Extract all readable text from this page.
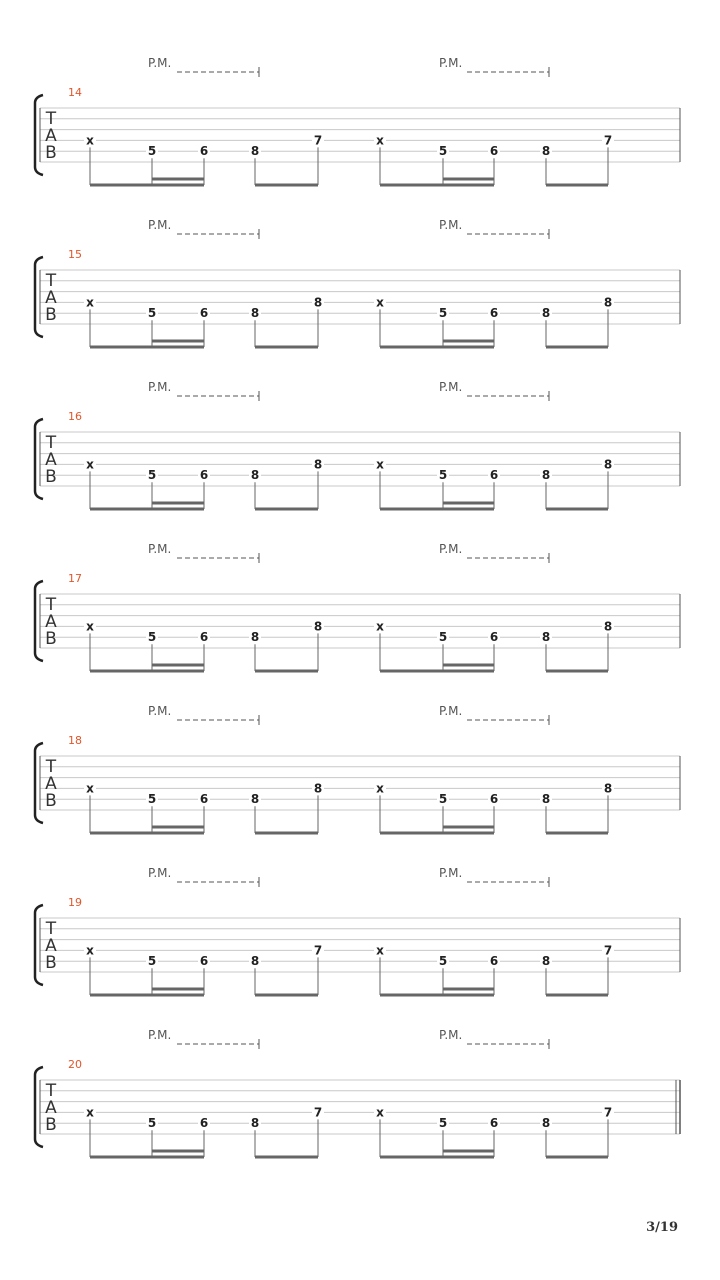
P.M.	P.M.
14
T
A
B
x
5	6	8
7	x
5	6	8
7
P.M.	P.M.
15
T
A
B
x
5	6	8
8	x
5	6	8
8
P.M.	P.M.
16
T
A
B
x
5	6	8
8	x
5	6	8
8
P.M.	P.M.
17
T
A
B
x
5	6	8
8	x
5	6	8
8
P.M.	P.M.
18
T
A
B
x
5	6	8
8	x
5	6	8
8
P.M.	P.M.
19
T
A
B
x
5	6	8
7	x
5	6	8
7
P.M.	P.M.
20
T
A
B
x
5	6	8
7	x
5	6	8
7
3/19
